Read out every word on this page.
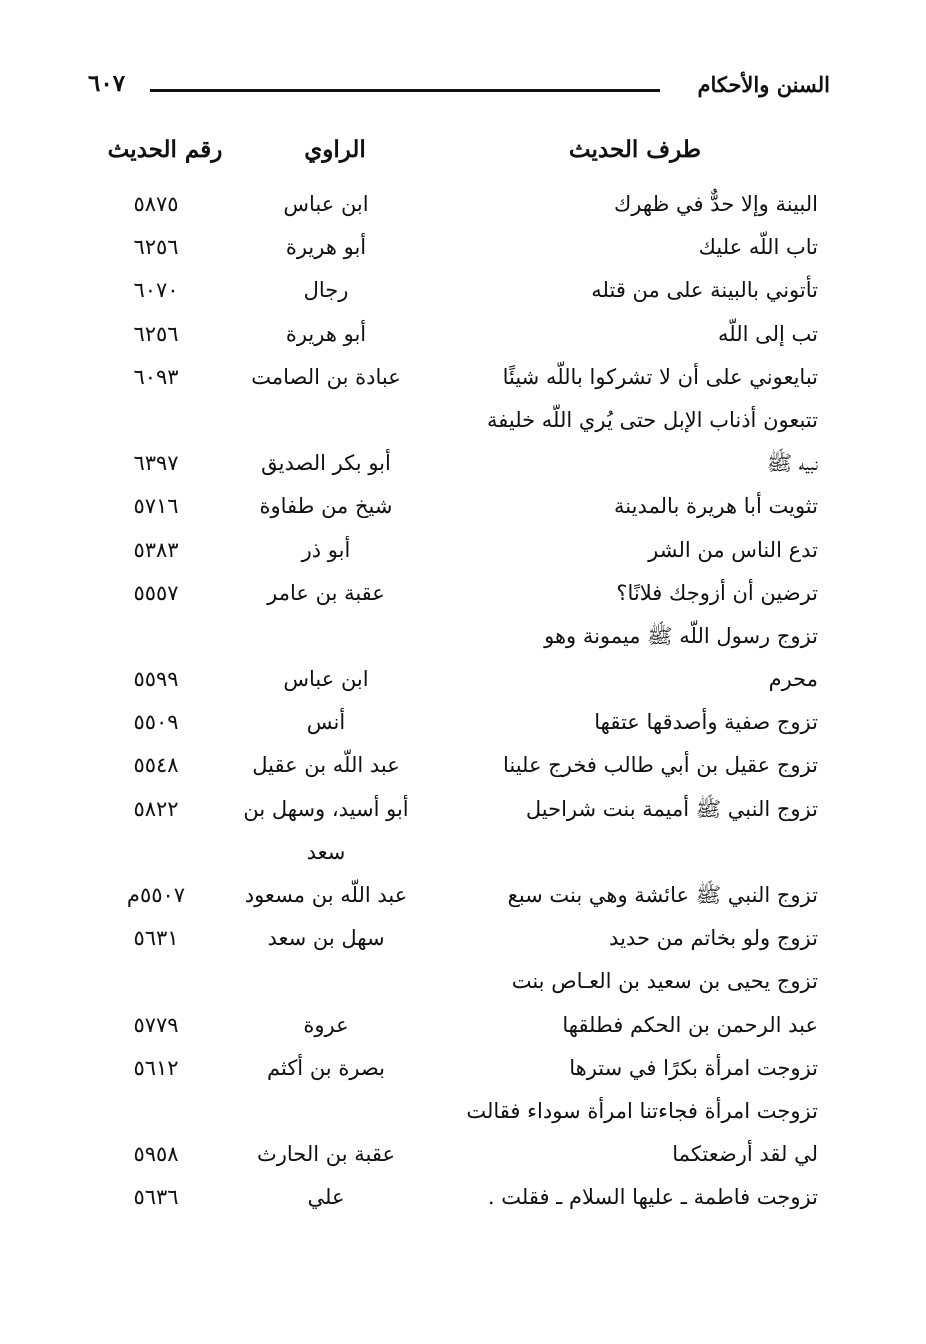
السنن والأحكام
٦٠٧
طرف الحديث
الراوي
رقم الحديث
البينة وإلا حدٌّ في ظهرك
ابن عباس
٥٨٧٥
تاب اللّه عليك
أبو هريرة
٦٢٥٦
تأتوني بالبينة على من قتله
رجال
٦٠٧٠
تب إلى اللّه
أبو هريرة
٦٢٥٦
تبايعوني على أن لا تشركوا باللّه شيئًا
عبادة بن الصامت
٦٠٩٣
تتبعون أذناب الإبل حتى يُري اللّه خليفة
نبيه ﷺ
أبو بكر الصديق
٦٣٩٧
تثويت أبا هريرة بالمدينة
شيخ من طفاوة
٥٧١٦
تدع الناس من الشر
أبو ذر
٥٣٨٣
ترضين أن أزوجك فلانًا؟
عقبة بن عامر
٥٥٥٧
تزوج رسول اللّه ﷺ ميمونة وهو
محرم
ابن عباس
٥٥٩٩
تزوج صفية وأصدقها عتقها
أنس
٥٥٠٩
تزوج عقيل بن أبي طالب فخرج علينا
عبد اللّه بن عقيل
٥٥٤٨
تزوج النبي ﷺ أميمة بنت شراحيل
أبو أسيد، وسهل بن
٥٨٢٢
سعد
تزوج النبي ﷺ عائشة وهي بنت سبع
عبد اللّه بن مسعود
٥٥٠٧م
تزوج ولو بخاتم من حديد
سهل بن سعد
٥٦٣١
تزوج يحيى بن سعيد بن العـاص بنت
عبد الرحمن بن الحكم فطلقها
عروة
٥٧٧٩
تزوجت امرأة بكرًا في سترها
بصرة بن أكثم
٥٦١٢
تزوجت امرأة فجاءتنا امرأة سوداء فقالت
لي لقد أرضعتكما
عقبة بن الحارث
٥٩٥٨
تزوجت فاطمة ـ عليها السلام ـ فقلت .
علي
٥٦٣٦
